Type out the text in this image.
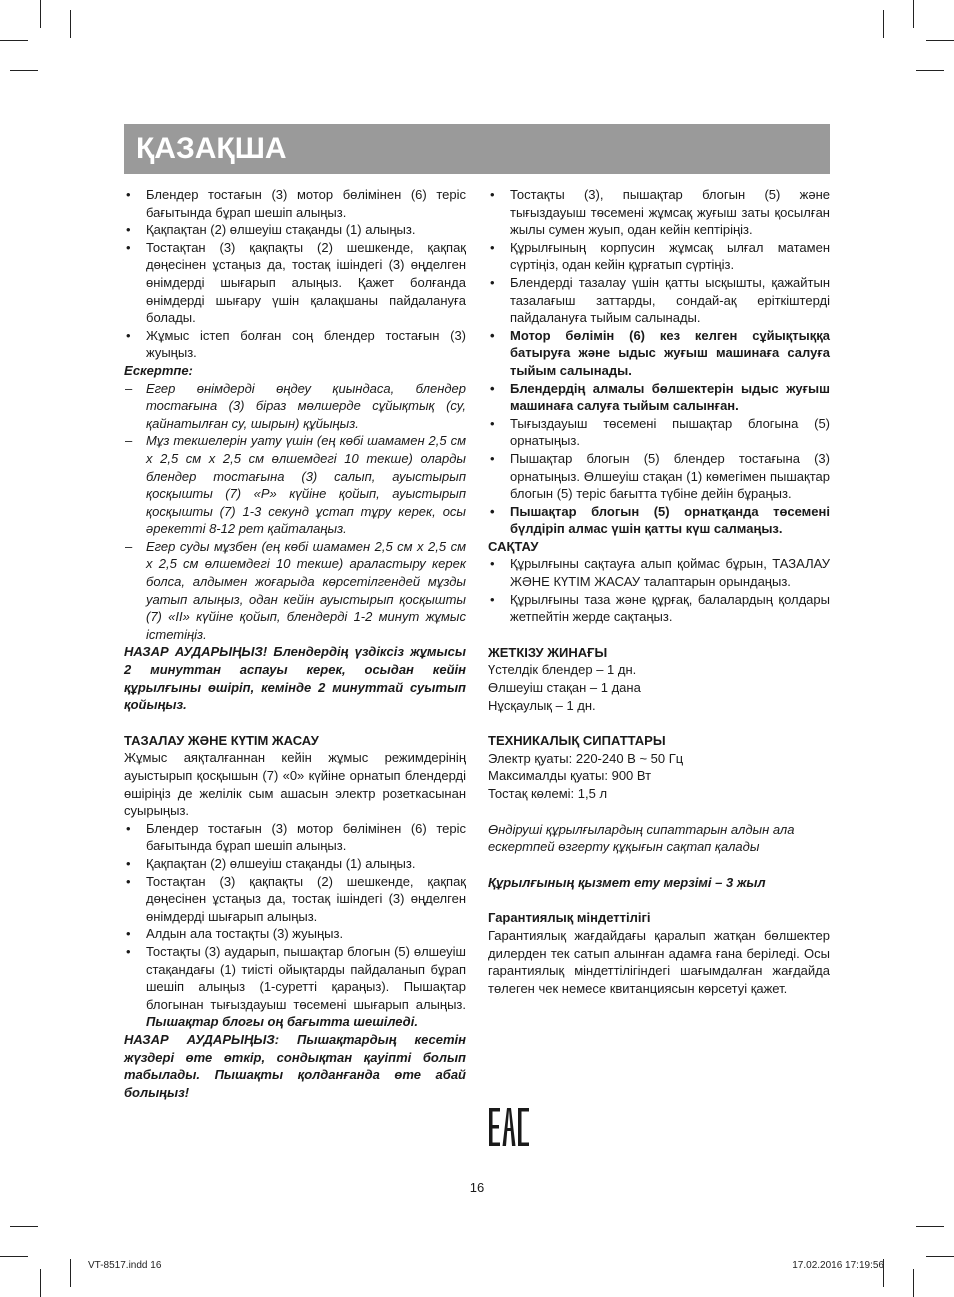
ҚАЗАҚША
• Блендер тостағын (3) мотор бөлімінен (6) теріс бағытында бұрап шешіп алыңыз.
• Қақпақтан (2) өлшеуіш стақанды (1) алыңыз.
• Тостақтан (3) қақпақты (2) шешкенде, қақпақ дөңесінен ұстаңыз да, тостақ ішіндегі (3) өңделген өнімдерді шығарып алыңыз. Қажет болғанда өнімдерді шығару үшін қалақшаны пайдалануға болады.
• Жұмыс істеп болған соң блендер тостағын (3) жуыңыз.

Ескертпе:

– Егер өнімдерді өңдеу қиындаса, блендер тостағына (3) біраз мөлшерде сұйықтық (су, қайнатылған су, шырын) құйыңыз.
– Мұз текшелерін уату үшін (ең көбі шамамен 2,5 см х 2,5 см х 2,5 см өлшемдегі 10 текше) оларды блендер тостағына (3) салып, ауыстырып қосқышты (7) «P» күйіне қойып, ауыстырып қосқышты (7) 1-3 секунд ұстап тұру керек, осы әрекетті 8-12 рет қайталаңыз.
– Егер суды мұзбен (ең көбі шамамен 2,5 см х 2,5 см х 2,5 см өлшемдегі 10 текше) араластыру керек болса, алдымен жоғарыда көрсетілгендей мұзды уатып алыңыз, одан кейін ауыстырып қосқышты (7) «II» күйіне қойып, блендерді 1-2 минут жұмыс істетіңіз.

НАЗАР АУДАРЫҢЫЗ! Блендердің үздіксіз жұмысы 2 минуттан аспауы керек, осыдан кейін құрылғыны өшіріп, кемінде 2 минуттай суытып қойыңыз.

ТАЗАЛАУ ЖӘНЕ КҮТІМ ЖАСАУ

Жұмыс аяқталғаннан кейін жұмыс режимдерінің ауыстырып қосқышын (7) «0» күйіне орнатып блендерді өшіріңіз де желілік сым ашасын электр розеткасынан суырыңыз.

• Блендер тостағын (3) мотор бөлімінен (6) теріс бағытында бұрап шешіп алыңыз.
• Қақпақтан (2) өлшеуіш стақанды (1) алыңыз.
• Тостақтан (3) қақпақты (2) шешкенде, қақпақ дөңесінен ұстаңыз да, тостақ ішіндегі (3) өңделген өнімдерді шығарып алыңыз.
• Алдын ала тостақты (3) жуыңыз.
• Тостақты (3) аударып, пышақтар блогын (5) өлшеуіш стақандағы (1) тиісті ойықтарды пайдаланып бұрап шешіп алыңыз (1-суретті қараңыз). Пышақтар блогынан тығыздауыш төсемені шығарып алыңыз. Пышақтар блогы оң бағытта шешіледі.

НАЗАР АУДАРЫҢЫЗ: Пышақтардың кесетін жүздері өте өткір, сондықтан қауіпті болып табылады. Пышақты қолданғанда өте абай болыңыз!

• Тостақты (3), пышақтар блогын (5) және тығыздауыш төсемені жұмсақ жуғыш заты қосылған жылы сумен жуып, одан кейін кептіріңіз.
• Құрылғының корпусин жұмсақ ылғал матамен сүртіңіз, одан кейін құрғатып сүртіңіз.
• Блендерді тазалау үшін қатты ысқышты, қажайтын тазалағыш заттарды, сондай-ақ еріткіштерді пайдалануға тыйым салынады.
• Мотор бөлімін (6) кез келген сұйықтыққа батыруға және ыдыс жуғыш машинаға салуға тыйым салынады.
• Блендердің алмалы бөлшектерін ыдыс жуғыш машинаға салуға тыйым салынған.
• Тығыздауыш төсемені пышақтар блогына (5) орнатыңыз.
• Пышақтар блогын (5) блендер тостағына (3) орнатыңыз. Өлшеуіш стақан (1) көмегімен пышақтар блогын (5) теріс бағытта түбіне дейін бұраңыз.
• Пышақтар блогын (5) орнатқанда төсемені бүлдіріп алмас үшін қатты күш салмаңыз.

САҚТАУ

• Құрылғыны сақтауға алып қоймас бұрын, ТАЗАЛАУ ЖӘНЕ КҮТІМ ЖАСАУ талаптарын орындаңыз.
• Құрылғыны таза және құрғақ, балалардың қолдары жетпейтін жерде сақтаңыз.

ЖЕТКІЗУ ЖИНАҒЫ

Үстелдік блендер – 1 дн.

Өлшеуіш стақан – 1 дана

Нұсқаулық – 1 дн.

ТЕХНИКАЛЫҚ СИПАТТАРЫ

Электр қуаты: 220-240 В ~ 50 Гц

Максималды қуаты: 900 Вт

Тостақ көлемі: 1,5 л

Өндіруші құрылғылардың сипаттарын алдын ала ескертпей өзгерту құқығын сақтап қалады

Құрылғының қызмет ету мерзімі – 3 жыл

Гарантиялық міндеттілігі

Гарантиялық жағдайдағы қаралып жатқан бөлшектер дилерден тек сатып алынған адамға ғана беріледі. Осы гарантиялық міндеттілігіндегі шағымдалған жағдайда төлеген чек немесе квитанциясын көрсетуі қажет.

16
VT-8517.indd 16	17.02.2016 17:19:56
